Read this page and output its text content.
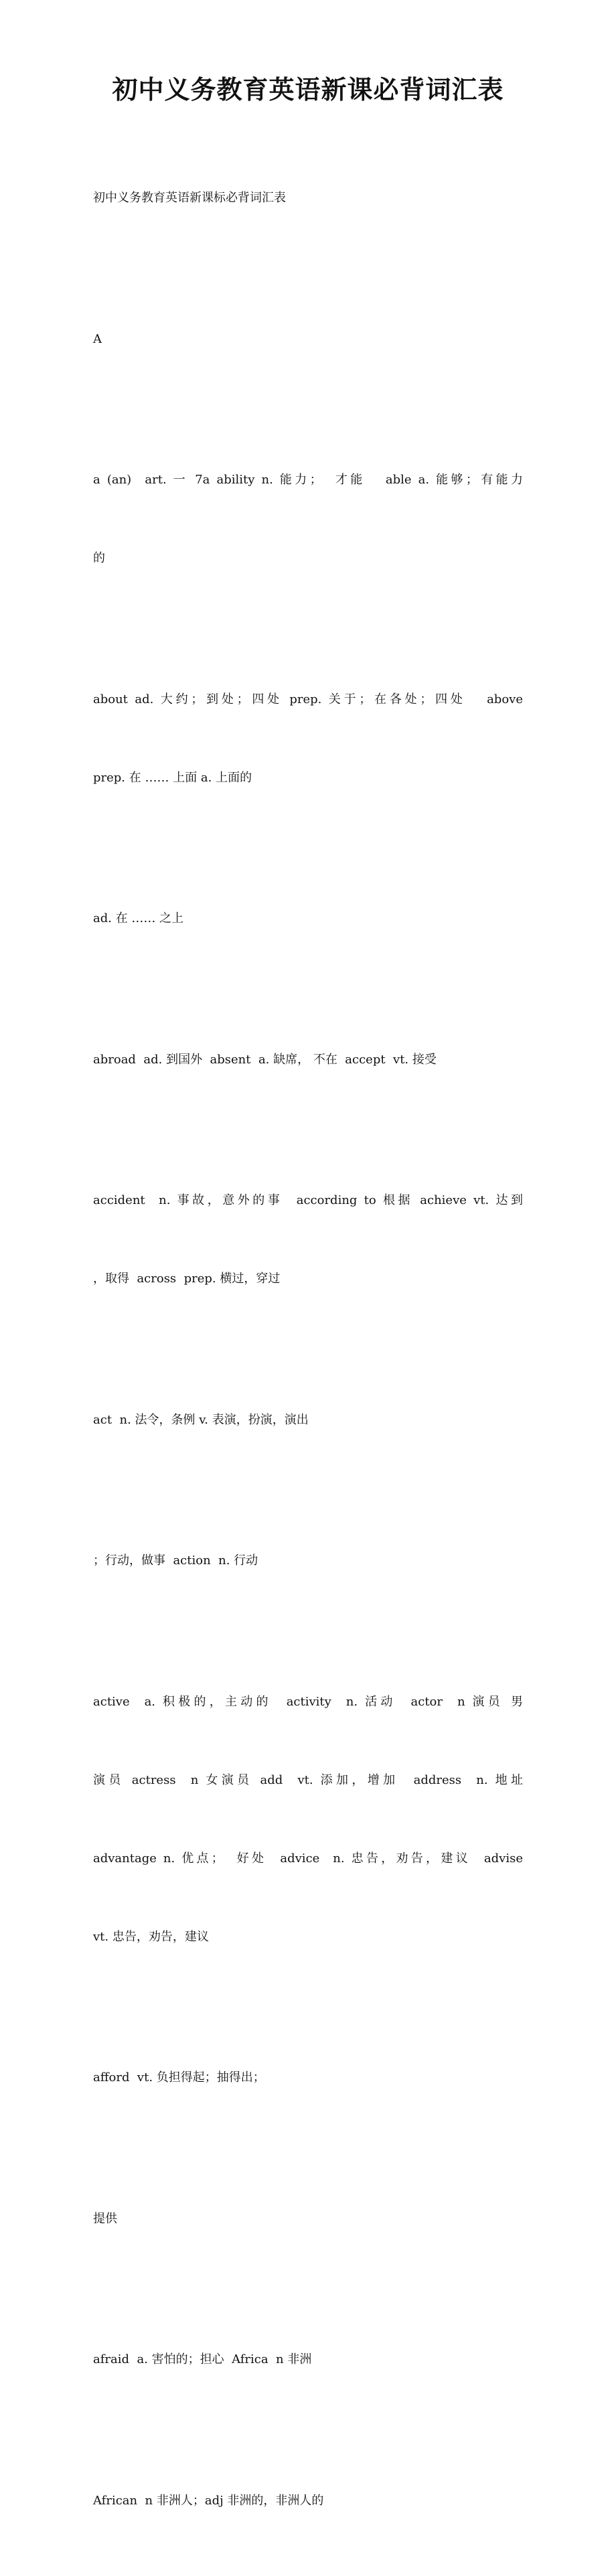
初中义务教育英语新课必背词汇表

初中义务教育英语新课标必背词汇表

A

a (an)  art. 一 7a ability n. 能力；  才能   able a. 能够；有能力

的

about ad. 大约；到处；四处 prep. 关于；在各处；四处   above

prep. 在 …… 上面 a. 上面的

ad. 在 …… 之上

abroad  ad. 到国外  absent  a. 缺席， 不在  accept  vt. 接受

accident  n. 事故，意外的事  according to 根据 achieve vt. 达到

，取得  across  prep. 横过，穿过

act  n. 法令，条例 v. 表演，扮演，演出

；行动，做事  action  n. 行动

active  a. 积极的，主动的  activity  n. 活动  actor  n 演员 男

演员 actress  n 女演员 add  vt. 添加，增加  address  n. 地址

advantage n. 优点；  好处  advice  n. 忠告，劝告，建议  advise

vt. 忠告，劝告，建议

afford  vt. 负担得起；抽得出；

提供

afraid  a. 害怕的；担心  Africa  n 非洲

African  n 非洲人；adj 非洲的，非洲人的
